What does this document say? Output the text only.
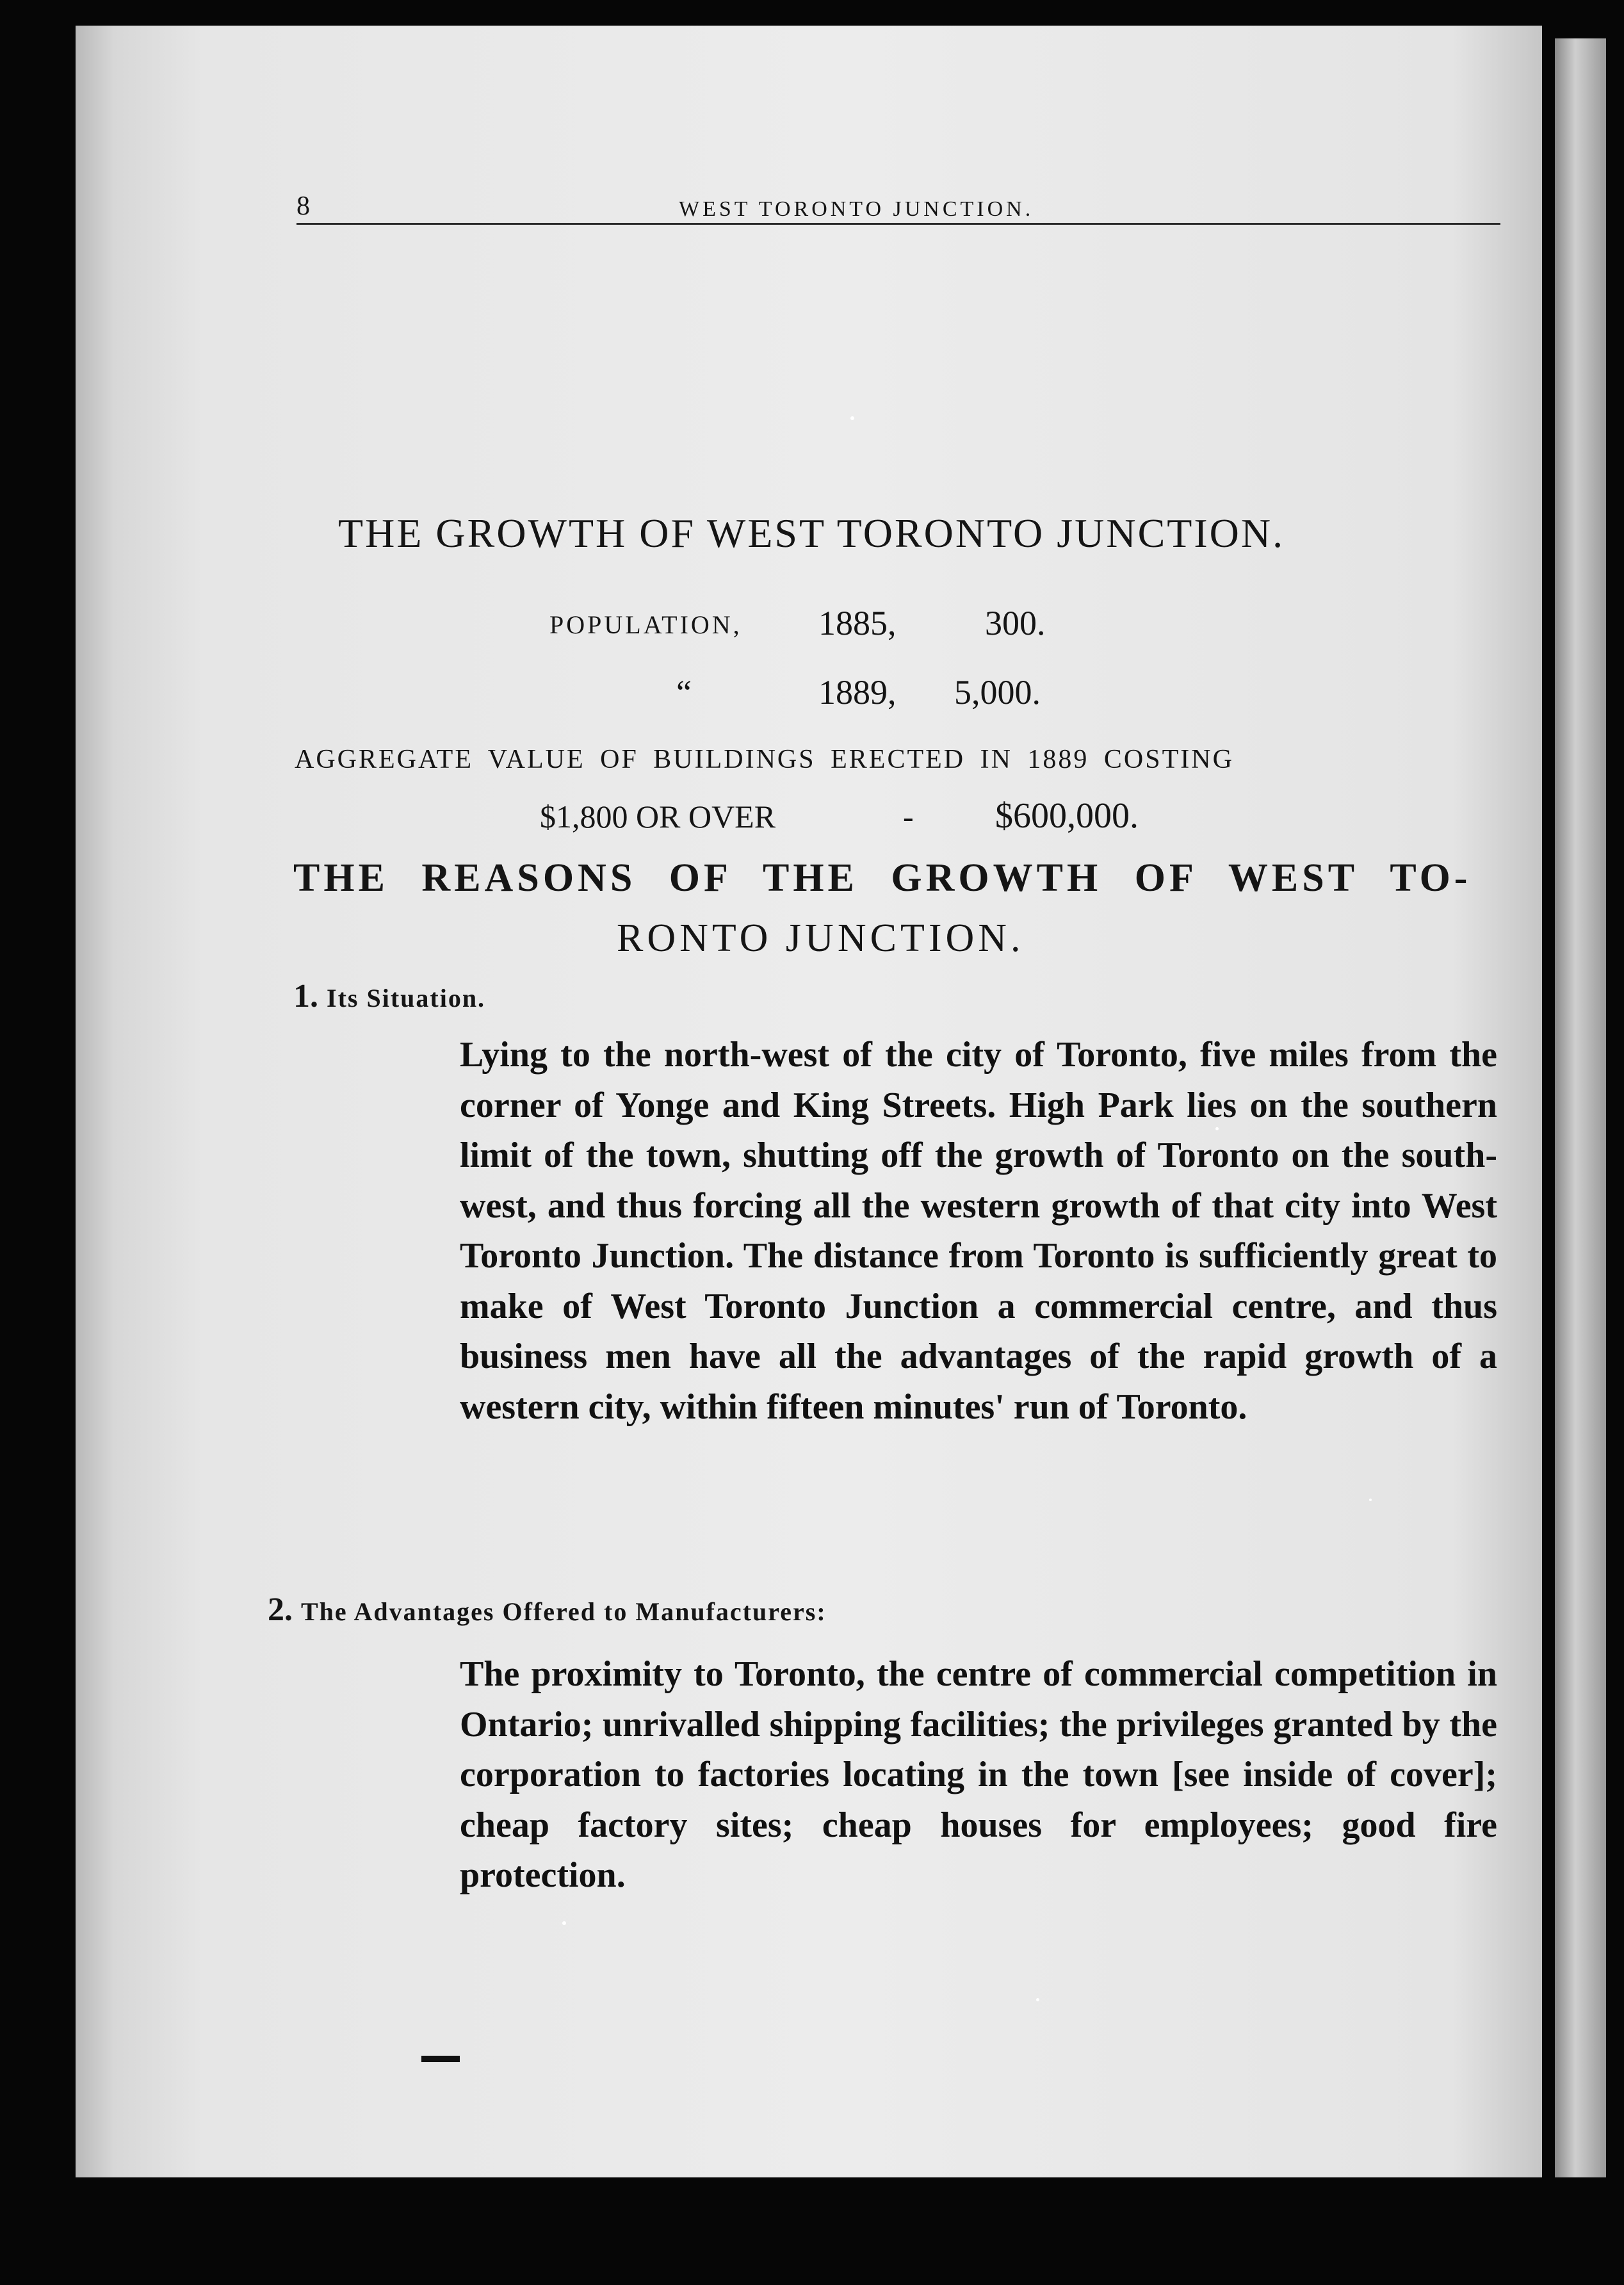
8	WEST TORONTO JUNCTION.
THE GROWTH OF WEST TORONTO JUNCTION.
POPULATION, 1885,	300.
“	1889, 5,000.
AGGREGATE VALUE OF BUILDINGS ERECTED IN 1889 COSTING
$1,800 OR OVER	- $600,000.
THE REASONS OF THE GROWTH OF WEST TO-
RONTO JUNCTION.
1. Its Situation.
Lying to the north-west of the city of Toronto, five miles from the corner of Yonge and King Streets. High Park lies on the southern limit of the town, shutting off the growth of Toronto on the south-west, and thus forcing all the western growth of that city into West Toronto Junction. The distance from Toronto is sufficiently great to make of West Toronto Junction a commercial centre, and thus business men have all the advantages of the rapid growth of a western city, within fifteen minutes' run of Toronto.
2. The Advantages Offered to Manufacturers:
The proximity to Toronto, the centre of commercial competition in Ontario; unrivalled shipping facilities; the privileges granted by the corporation to factories locating in the town [see inside of cover]; cheap factory sites; cheap houses for employees; good fire protection.
